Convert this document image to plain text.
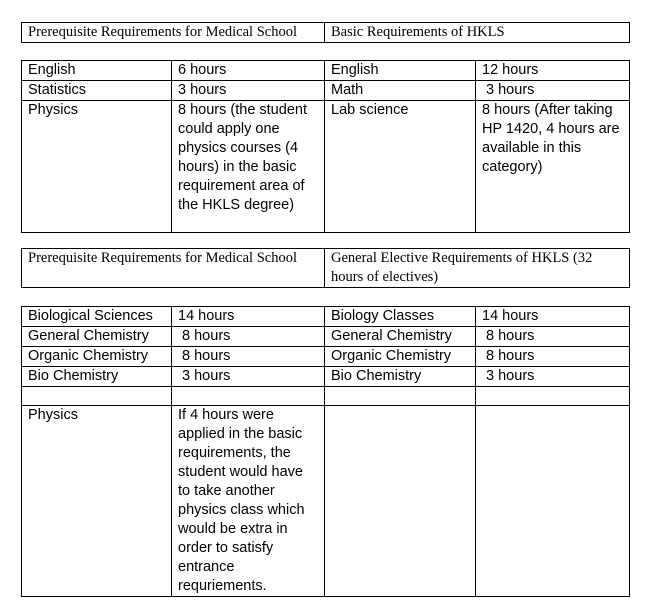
Prerequisite Requirements for Medical School	Basic Requirements of HKLS
English	6 hours	English	12 hours
Statistics	3 hours	Math	3 hours
Physics	8 hours (the student could apply one physics courses (4 hours) in the basic requirement area of the HKLS degree)	Lab science	8 hours (After taking HP 1420, 4 hours are available in this category)
Prerequisite Requirements for Medical School	General Elective Requirements of HKLS (32 hours of electives)
Biological Sciences	14 hours	Biology Classes	14 hours
General Chemistry	8 hours	General Chemistry	8 hours
Organic Chemistry	8 hours	Organic Chemistry	8 hours
Bio Chemistry	3 hours	Bio Chemistry	3 hours

Physics	If 4 hours were applied in the basic requirements, the student would have to take another physics class which would be extra in order to satisfy entrance requriements.		
